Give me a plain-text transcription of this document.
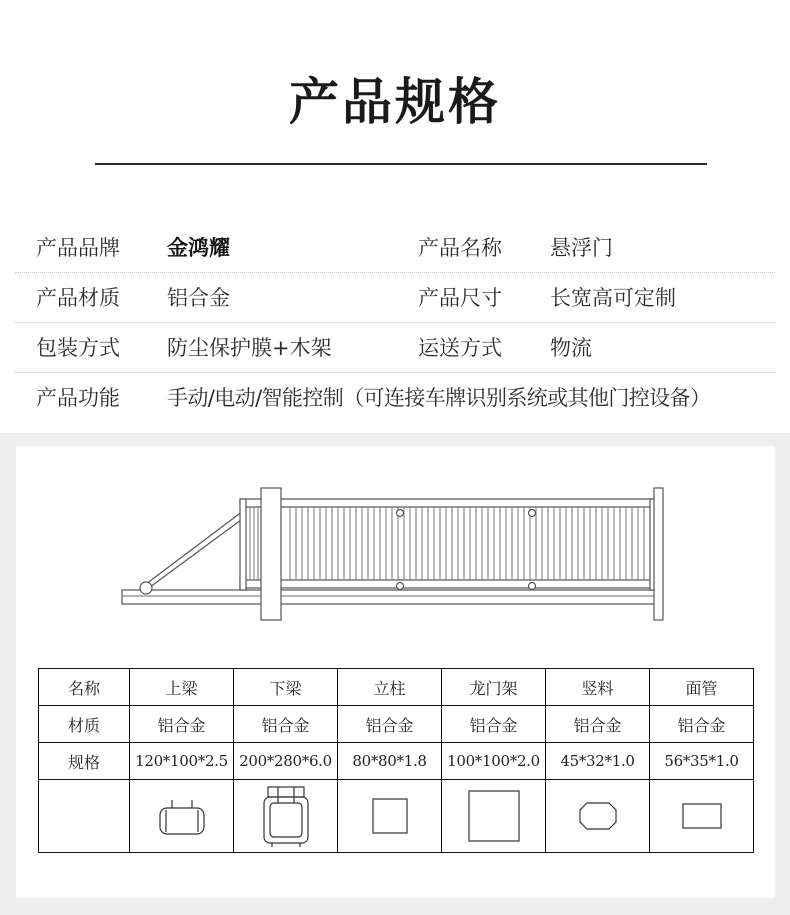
产品规格
产品品牌 金鸿耀	产品名称 悬浮门
产品材质 铝合金	产品尺寸 长宽高可定制
包装方式 防尘保护膜+木架	运送方式 物流
产品功能 手动/电动/智能控制（可连接车牌识别系统或其他门控设备）
名称	上梁	下梁	立柱	龙门架	竖料	面管
材质	铝合金	铝合金	铝合金	铝合金	铝合金	铝合金
规格	120*100*2.5	200*280*6.0	80*80*1.8	100*100*2.0	45*32*1.0	56*35*1.0
